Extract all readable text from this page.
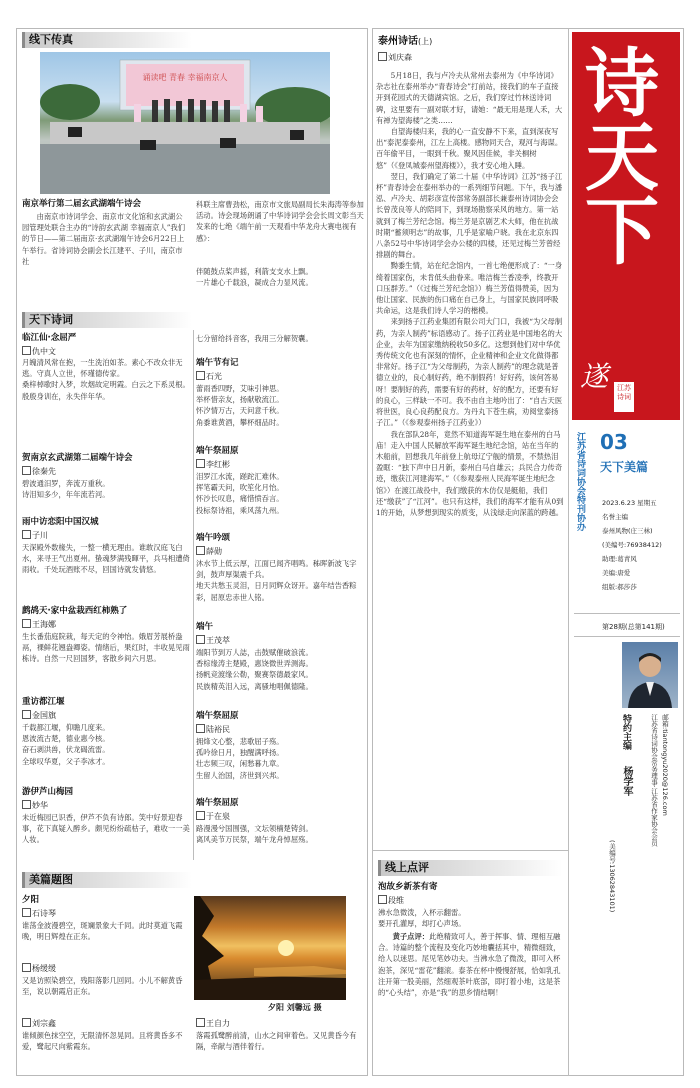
线下传真
诵读吧 青春 幸福南京人
南京举行第二届玄武湖端午诗会
由南京市诗词学会、南京市文化馆和玄武湖公园管理处联合主办的“诗韵玄武湖 幸福南京人”我们的节日——第二届南京·玄武湖端午诗会6月22日上午举行。省诗词协会副会长江建平、子川，南京市社
科联主席曹劲松，南京市文旅局副局长朱海涛等参加活动。诗会现场朗诵了中华诗词学会会长周文彰当天发来的七绝《端午前一天观看中华龙舟大赛电视有感》：
伴随鼓点桨声摇，利箭支支水上飘。
一片雄心千载浪，凝成合力显风流。
天下诗词
临江仙·念屈严
仇中文
月魄清风常在抱，一生洗泊如茶。素心不改众非无逃。守真人立世，怀瑾德传家。
桑梓棹歌时入梦，坎烟故定明霞。白云之下系灵根。殷殷身训在，永失伴年华。
贺南京玄武湖第二届端午诗会
徐秦先
碧波通汨罗，奔流万重秋。
诗泪知多少，年年流若河。
雨中访恋阳中国汉城
子川
天深殿外数椽失，一整一横无理由。谁敢汉庭飞白水，来寻王气出夏州。蛰魂梦满残暉平，兵马相遭倚雨收。千处玩酒账不尽，回国诗就发倩悠。
鹧鸪天·家中盆栽西红柿熟了
王海娜
生长番茄庭院栽，每天定的令神怡。娥眉芳展桥盎鬲，裸鲜花翘盎卿姿。情绪后，果红时，丰收晃见雨栋诗。自然一尺回国梦，客散乡间六月思。
重访都江堰
金国旗
千载都江堰，仰瞻几度来。
恩波流古楚，德业惠今核。
奋石剥洪兽，伏龙碣流雷。
全球叹华夏，父子李冰才。
游伊芦山梅园
妙华
未近梅园已识香，伊芦不负有诗郎。笑中好景迎春事，花下真疑入醉乡。颇见纷纷疏枯子，难收一一美人妆。
七分留给抖音客，我用三分解贺囊。
端午节有记
石光
蕾雨香四野，艾味引神思。
举杯惜亲友，扬献敬流江。
怀汐情万古，天问意千秋。
角黍谁黄酒，攀杯细品时。
端午祭屈原
李红彬
泪罗江水流，蹉跎汇难休。
挥笔霸天问，吹笙化月怡。
怀沙长叹息，痛惜愤吞言。
投标祭诗祖，乘风荡九州。
端午吟颂
薛勋
沐水节上低云厚，江面已闻齐唱鸣。秭晖新波飞字剑，鼓声厚渠震千兵。
地天共愁玉灵泪，日月同辉众讶开。嘉年结告香粽彩，屈原忠赤世人铭。
端午
王茂萃
端阳节到万人誌，击鼓赋催破浪流。
香棕缘涛主楚殿，惠饶微世弄测海。
扬帆竞渡缘公勒，聚赛祭德最家风。
民族精英泪入远，离骚地唱佩德隆。
端午祭屈原
陆裕民
拥烽文心整，悲歌屈子殇。
孤吟徐日月，独醒满呼扬。
壮志频三叹，闲愁暮九章。
生留人治国，济世到兴邦。
端午祭屈原
于在泉
路漫漫兮国围强，文坛领楠楚铸剑。
离风美节万民祭，端午龙舟悼屈殇。
美篇题图
夕阳
石诗琴
谁荡金波漫碧空，斑斓景象大千同。此时莫道飞霞晚，明日辉煌在正东。
杨缓缓
又是访照染碧空，残阳落影几回同。小儿不解黄昏至，说以朝霞启正东。
刘宗鑫
谁倾颜色抹空空，无限清怀忽晃同。且将黄昏多不爱，鹭起尺向紫霞东。
夕阳 刘馨远 摄
王自力
落霞孤鹭醉前清，山水之间审着色。又见黄昏今有隔，牵献与酒伴着行。
泰州诗话(上)
刘庆森

5月18日，我与卢冷夫从常州去泰州为《中华诗词》杂志社在泰州举办“青春诗会”打前站，接我们的车子直接开到花园式的天德湖宾馆。之后，我们穿过竹林送诗词碑，这里要有一副对联才好，请她：“最无用是现人禾，大有禅为望海楼”之类……

自望海楼归来，我的心一直安静不下来，直到深夜写出“泰泥泰泰州，江左上高楼。感物同天合，观河与海谋。百年偷平目，一眼到千秋。聚风因佳候，非关桐树悠”（《登凤城泰州望海楼》），我才安心地入睡。

翌日，我们确定了第二十届《中华诗词》江苏“扬子江杯”青春诗会在泰州举办的一系列细节问题。下午，我与潘泓、卢冷夫、胡彩彦宣传部常务副部长兼泰州诗词协会会长曾茂良等人的陪同下，到现场勘察采风的地方。第一站就到了梅兰芳纪念馆。梅兰芳是京剧艺术大师，他在抗战时期“蓄须明志”的故事，几乎是家喻户晓。我在北京东四八条52号中华诗词学会办公楼的四楼，还见过梅兰芳曾经排剧的舞台。

黝黍生情，站在纪念馆内，一首七绝便形成了：“一身绮着国家伤，未肯低头曲眷来。唯洁梅兰香凌季，终教开口压群芳。”（《过梅兰芳纪念馆》）梅兰芳值得赞美，因为他让国家、民族的伤口痛在自己身上，与国家民族同呼吸共命运，这是我们诗人学习的楷模。

来到扬子江药业集团有限公司大门口，我被“为父母制药，为亲人制药”标语感动了。扬子江药业是中国地名的大企业，去年为国家缴纳税收50多亿。这想到他们对中华优秀传统文化也有深刻的情怀，企业精神和企业文化做得都非常好。扬子江“为父母制药，为亲人制药”的理念就是普德立业的，良心制好药，绝不制假药！好好药，该何答易呀！要制好的药，需要有好的药材，好的配方，还要有好的良心，三样缺一不可。我不由自主地吟出了：“自古天医将世医，良心良药配良方。为丹丸下苍生病，劝阅堂泰扬子江。”（《参观泰州扬子江药业》）

我在部队28年，竟然不知道海军诞生地在泰州的白马庙！走入中国人民解放军海军诞生地纪念馆，站在当年的木船前，回想我几年前登上航母辽宁舰的情景，不禁热泪盈眶：“独下声中日月新，泰州白马自雄云；兵民合力传奇迹，缴获江河建海军。”（《参观泰州人民海军诞生地纪念馆》）在渡江战役中，我们缴获的木仿仅是艇船，我们还“缴获”了“江河”。也只有这样，我们的海军才能有从0到1的开始，从梦想到现实的质变，从浅绿走向深蓝的跨越。

线上点评
泡故乡新茶有寄
段维
沸水急微泼，入杯示翻雷。
要开孔灌厚，却打心声场。
黄子点评：此绝精致可人，善于挥事、情、理相互融合。诗篇的整个流程及变化巧妙地囊括其中，精微细致，给人以迷思。尾见笔妙功夫。当沸水急了微泼，即可入杯泡茶，深见“雷花”翻滚。泰茶在杯中慢慢舒展，恰如乳孔注开第一股美丽，然细观茶叶底部，即打着小地，这是茶的“心头结”，亦是“我”的思乡情结啊！
诗天下
遂	江苏
诗词
江苏省诗词协会特刊协办 03
天下美篇
2023.6.23 星期五
名誉主编
泰州风物(庄三林)
(美编号:76938412)
助理:葛青风
美编:唐爱
组版:郝莎莎
第28期(总第141期)
邮箱:tiantongyu2020@126.com
江苏省诗词协会常务理事·江苏省作家协会会员
特约主编
杨学军
(美编号:13062843101)
